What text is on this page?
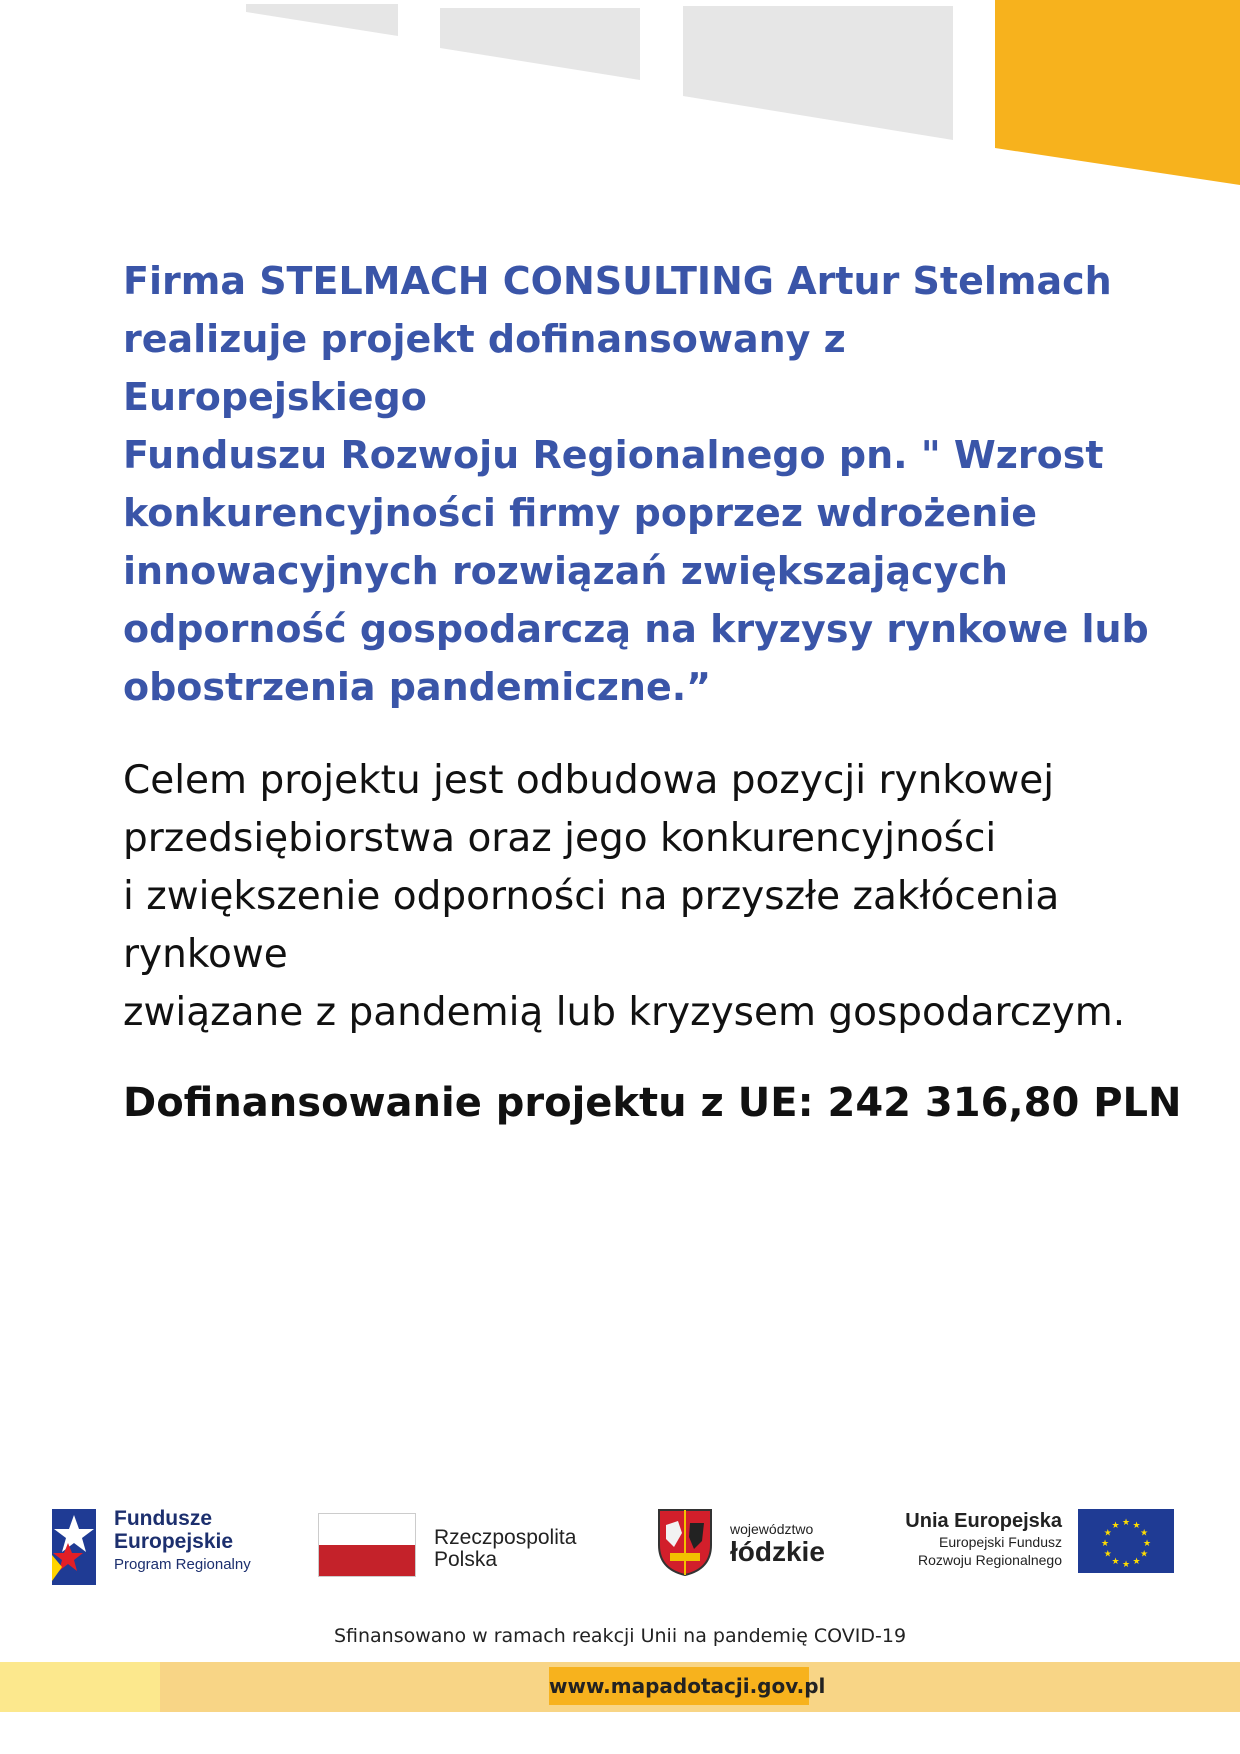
Firma STELMACH CONSULTING Artur Stelmach
realizuje projekt dofinansowany z Europejskiego
Funduszu Rozwoju Regionalnego pn. " Wzrost
konkurencyjności firmy poprzez wdrożenie
innowacyjnych rozwiązań zwiększających
odporność gospodarczą na kryzysy rynkowe lub
obostrzenia pandemiczne.”
Celem projektu jest odbudowa pozycji rynkowej
przedsiębiorstwa oraz jego konkurencyjności
i zwiększenie odporności na przyszłe zakłócenia rynkowe
związane z pandemią lub kryzysem gospodarczym.
Dofinansowanie projektu z UE: 242 316,80 PLN
Fundusze
Europejskie
Program Regionalny
Rzeczpospolita
Polska
województwo
łódzkie
Unia Europejska
Europejski Fundusz
Rozwoju Regionalnego
★ ★
★
★
★
★
★
★
★
★
★
★
Sfinansowano w ramach reakcji Unii na pandemię COVID-19
www.mapadotacji.gov.pl
